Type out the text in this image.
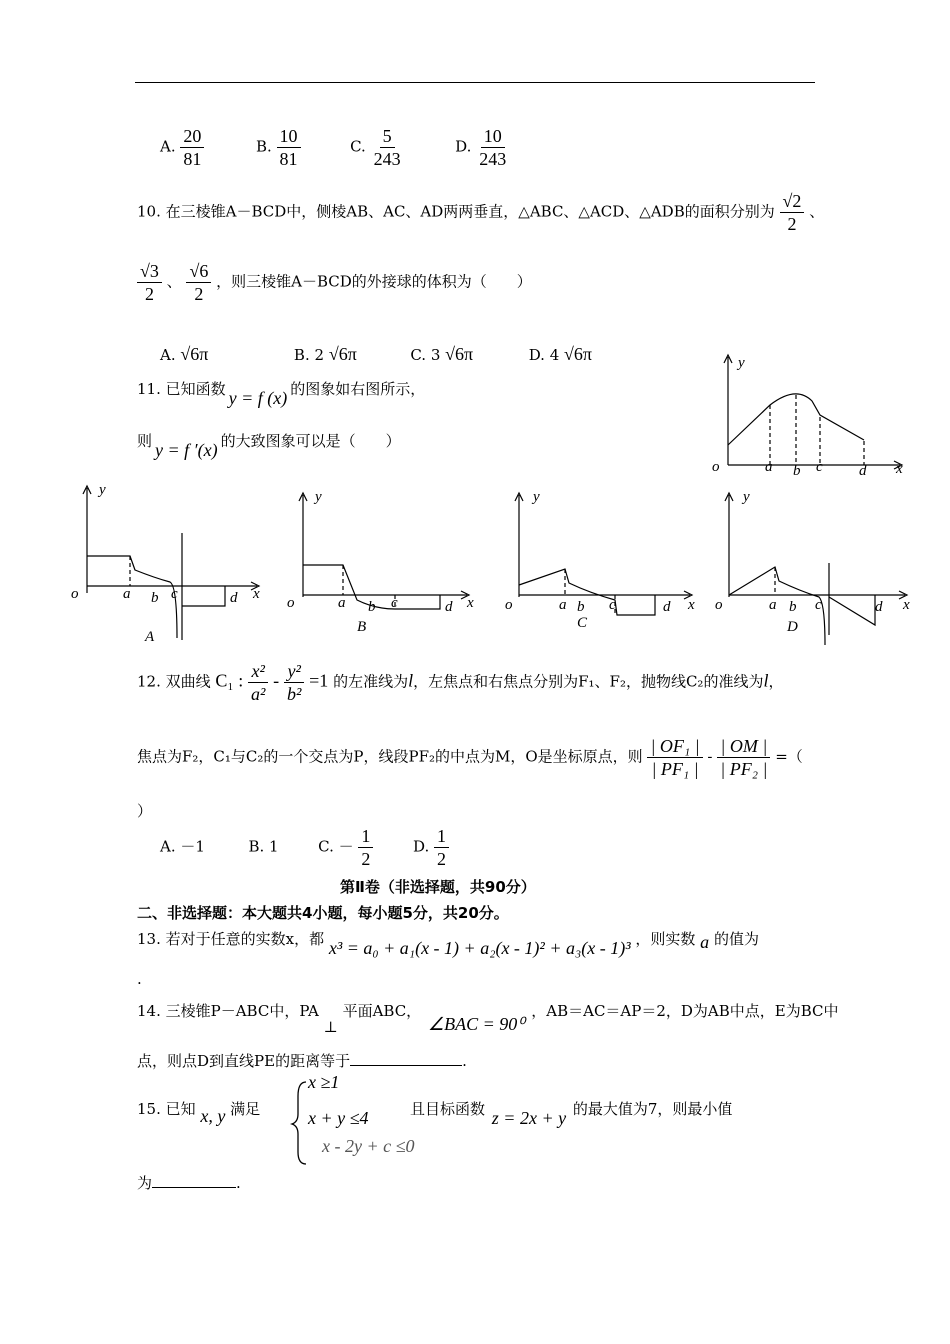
A. $\frac{20}{81}$	B. $\frac{10}{81}$	C. $\frac{5}{243}$	D. $\frac{10}{243}$
10. 在三棱锥A－BCD中，侧棱AB、AC、AD两两垂直，△ABC、△ACD、△ADB的面积分别为 $\frac{√2}{2}$ 、
$\frac{√3}{2}$ 、 $\frac{√6}{2}$ ，则三棱锥A－BCD的外接球的体积为（　　）
A. √6π	B. 2 √6π	C. 3 √6π	D. 4 √6π
11. 已知函数 y = f (x) 的图象如右图所示，
则 y = f ′(x) 的大致图象可以是（　　）
y
x
o	a b c d
y
x
o	a b c	d
A
y
x
o	a b c	d
B
y
x
o	a b c	d
C
y
x
o	a b c	d
D
12. 双曲线 C₁ : $\frac{\text{x²}}{\text{a²}} - \frac{\text{y²}}{\text{b²}} =1$ 的左准线为l，左焦点和右焦点分别为F₁、F₂，抛物线C₂的准线为l，
焦点为F₂，C₁与C₂的一个交点为P，线段PF₂的中点为M，O是坐标原点，则 $\frac{\text{| OF₁ |}}{\text{| PF₁ |}} - \frac{| OM |}{\text{| PF₂ |}}$ =（
）
A. －1	B. 1	C. － $\frac{1}{2}$	D. $\frac{1}{2}$
第Ⅱ卷（非选择题，共90分）
二、非选择题：本大题共4小题，每小题5分，共20分。
13. 若对于任意的实数x，都 x³ = a₀ + a₁(x - 1) + a₂(x - 1)² + a₃(x - 1)³ ，则实数 a 的值为
.
14. 三棱锥P－ABC中，PA ⊥ 平面ABC， ∠BAC = 90⁰ ，AB＝AC＝AP＝2，D为AB中点，E为BC中
点，则点D到直线PE的距离等于	.
15. 已知 x, y 满足
x ≥1
x + y ≤4
x - 2y + c ≤0
且目标函数 z = 2x + y 的最大值为7，则最小值
为	.
